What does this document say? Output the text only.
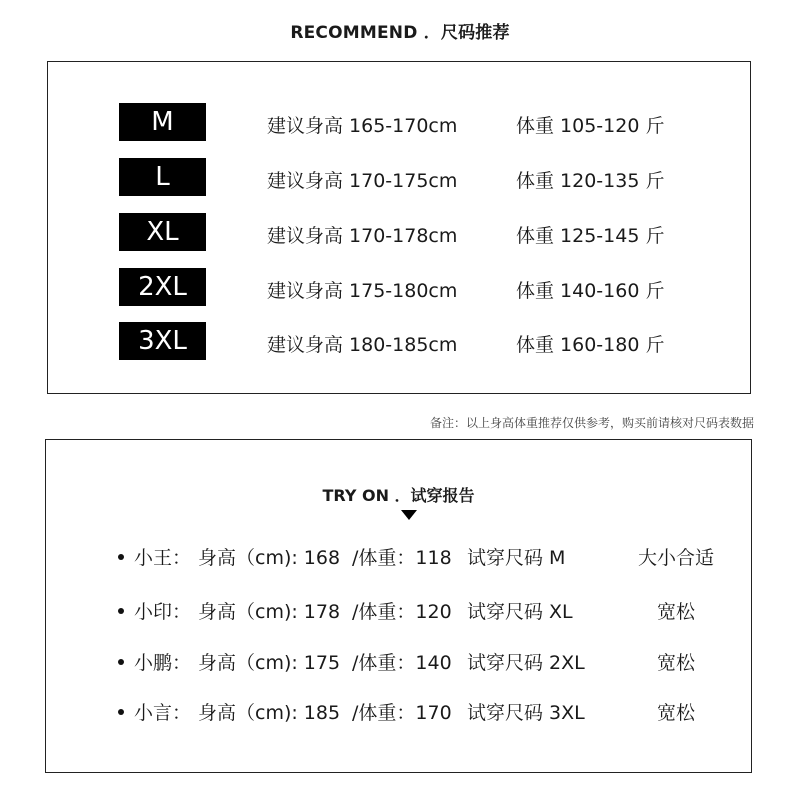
RECOMMEND ．尺码推荐
M	建议身高 165-170cm	体重 105-120 斤
L	建议身高 170-175cm	体重 120-135 斤
XL	建议身高 170-178cm	体重 125-145 斤
2XL	建议身高 175-180cm	体重 140-160 斤
3XL	建议身高 180-185cm	体重 160-180 斤
备注：以上身高体重推荐仅供参考，购买前请核对尺码表数据
TRY ON ．试穿报告
小王： 身高（cm): 168 /体重：118 试穿尺码 M	大小合适
小印： 身高（cm): 178 /体重：120 试穿尺码 XL	宽松
小鹏： 身高（cm): 175 /体重：140 试穿尺码 2XL	宽松
小言： 身高（cm): 185 /体重：170 试穿尺码 3XL	宽松
